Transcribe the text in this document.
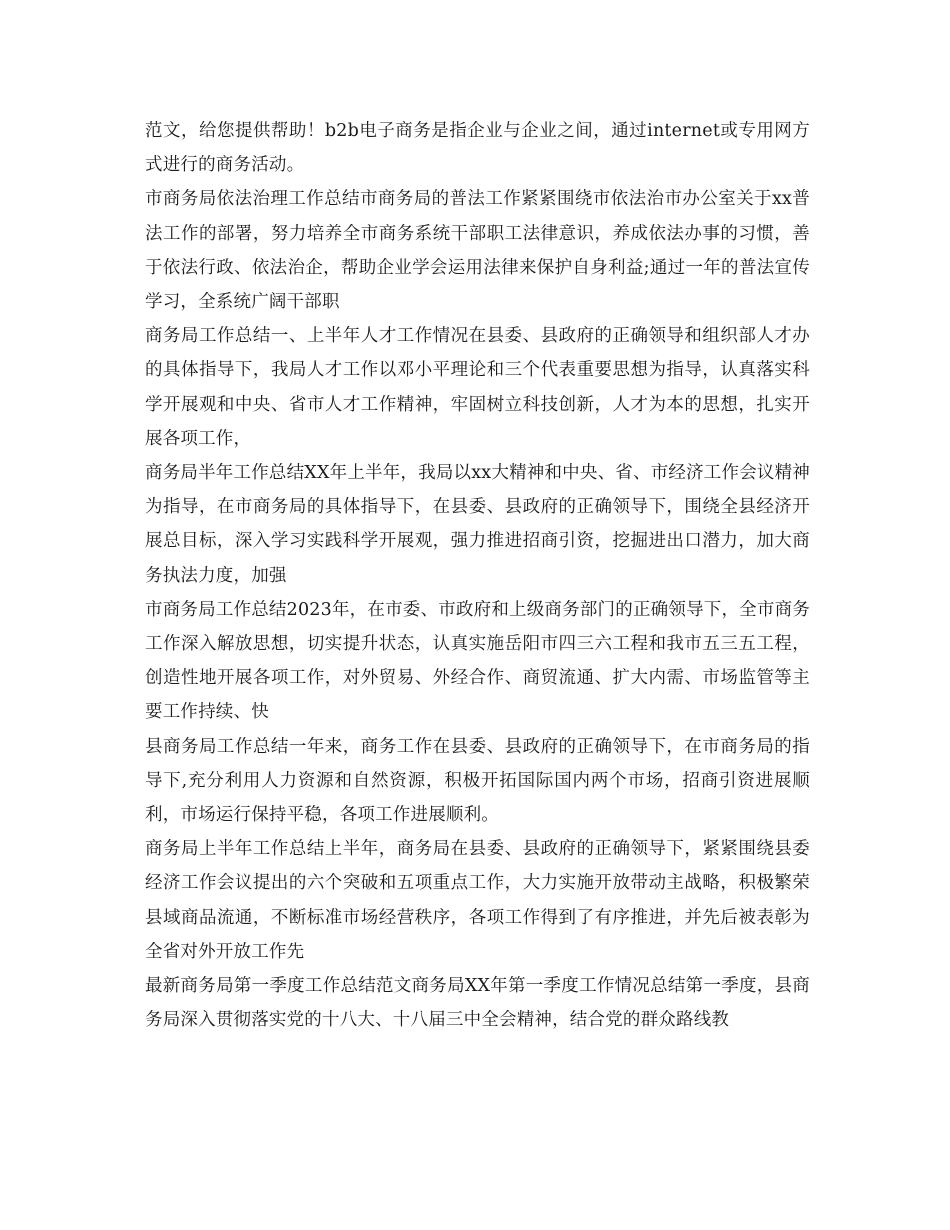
范文，给您提供帮助！b2b电子商务是指企业与企业之间，通过internet或专用网方式进行的商务活动。

市商务局依法治理工作总结市商务局的普法工作紧紧围绕市依法治市办公室关于xx普法工作的部署，努力培养全市商务系统干部职工法律意识，养成依法办事的习惯，善于依法行政、依法治企，帮助企业学会运用法律来保护自身利益;通过一年的普法宣传学习，全系统广阔干部职

商务局工作总结一、上半年人才工作情况在县委、县政府的正确领导和组织部人才办的具体指导下，我局人才工作以邓小平理论和三个代表重要思想为指导，认真落实科学开展观和中央、省市人才工作精神，牢固树立科技创新，人才为本的思想，扎实开展各项工作，

商务局半年工作总结XX年上半年，我局以xx大精神和中央、省、市经济工作会议精神为指导，在市商务局的具体指导下，在县委、县政府的正确领导下，围绕全县经济开展总目标，深入学习实践科学开展观，强力推进招商引资，挖掘进出口潜力，加大商务执法力度，加强

市商务局工作总结2023年，在市委、市政府和上级商务部门的正确领导下，全市商务工作深入解放思想，切实提升状态，认真实施岳阳市四三六工程和我市五三五工程，创造性地开展各项工作，对外贸易、外经合作、商贸流通、扩大内需、市场监管等主要工作持续、快

县商务局工作总结一年来，商务工作在县委、县政府的正确领导下，在市商务局的指导下,充分利用人力资源和自然资源，积极开拓国际国内两个市场，招商引资进展顺利，市场运行保持平稳，各项工作进展顺利。

商务局上半年工作总结上半年，商务局在县委、县政府的正确领导下，紧紧围绕县委经济工作会议提出的六个突破和五项重点工作，大力实施开放带动主战略，积极繁荣县域商品流通，不断标准市场经营秩序，各项工作得到了有序推进，并先后被表彰为全省对外开放工作先

最新商务局第一季度工作总结范文商务局XX年第一季度工作情况总结第一季度，县商务局深入贯彻落实党的十八大、十八届三中全会精神，结合党的群众路线教
